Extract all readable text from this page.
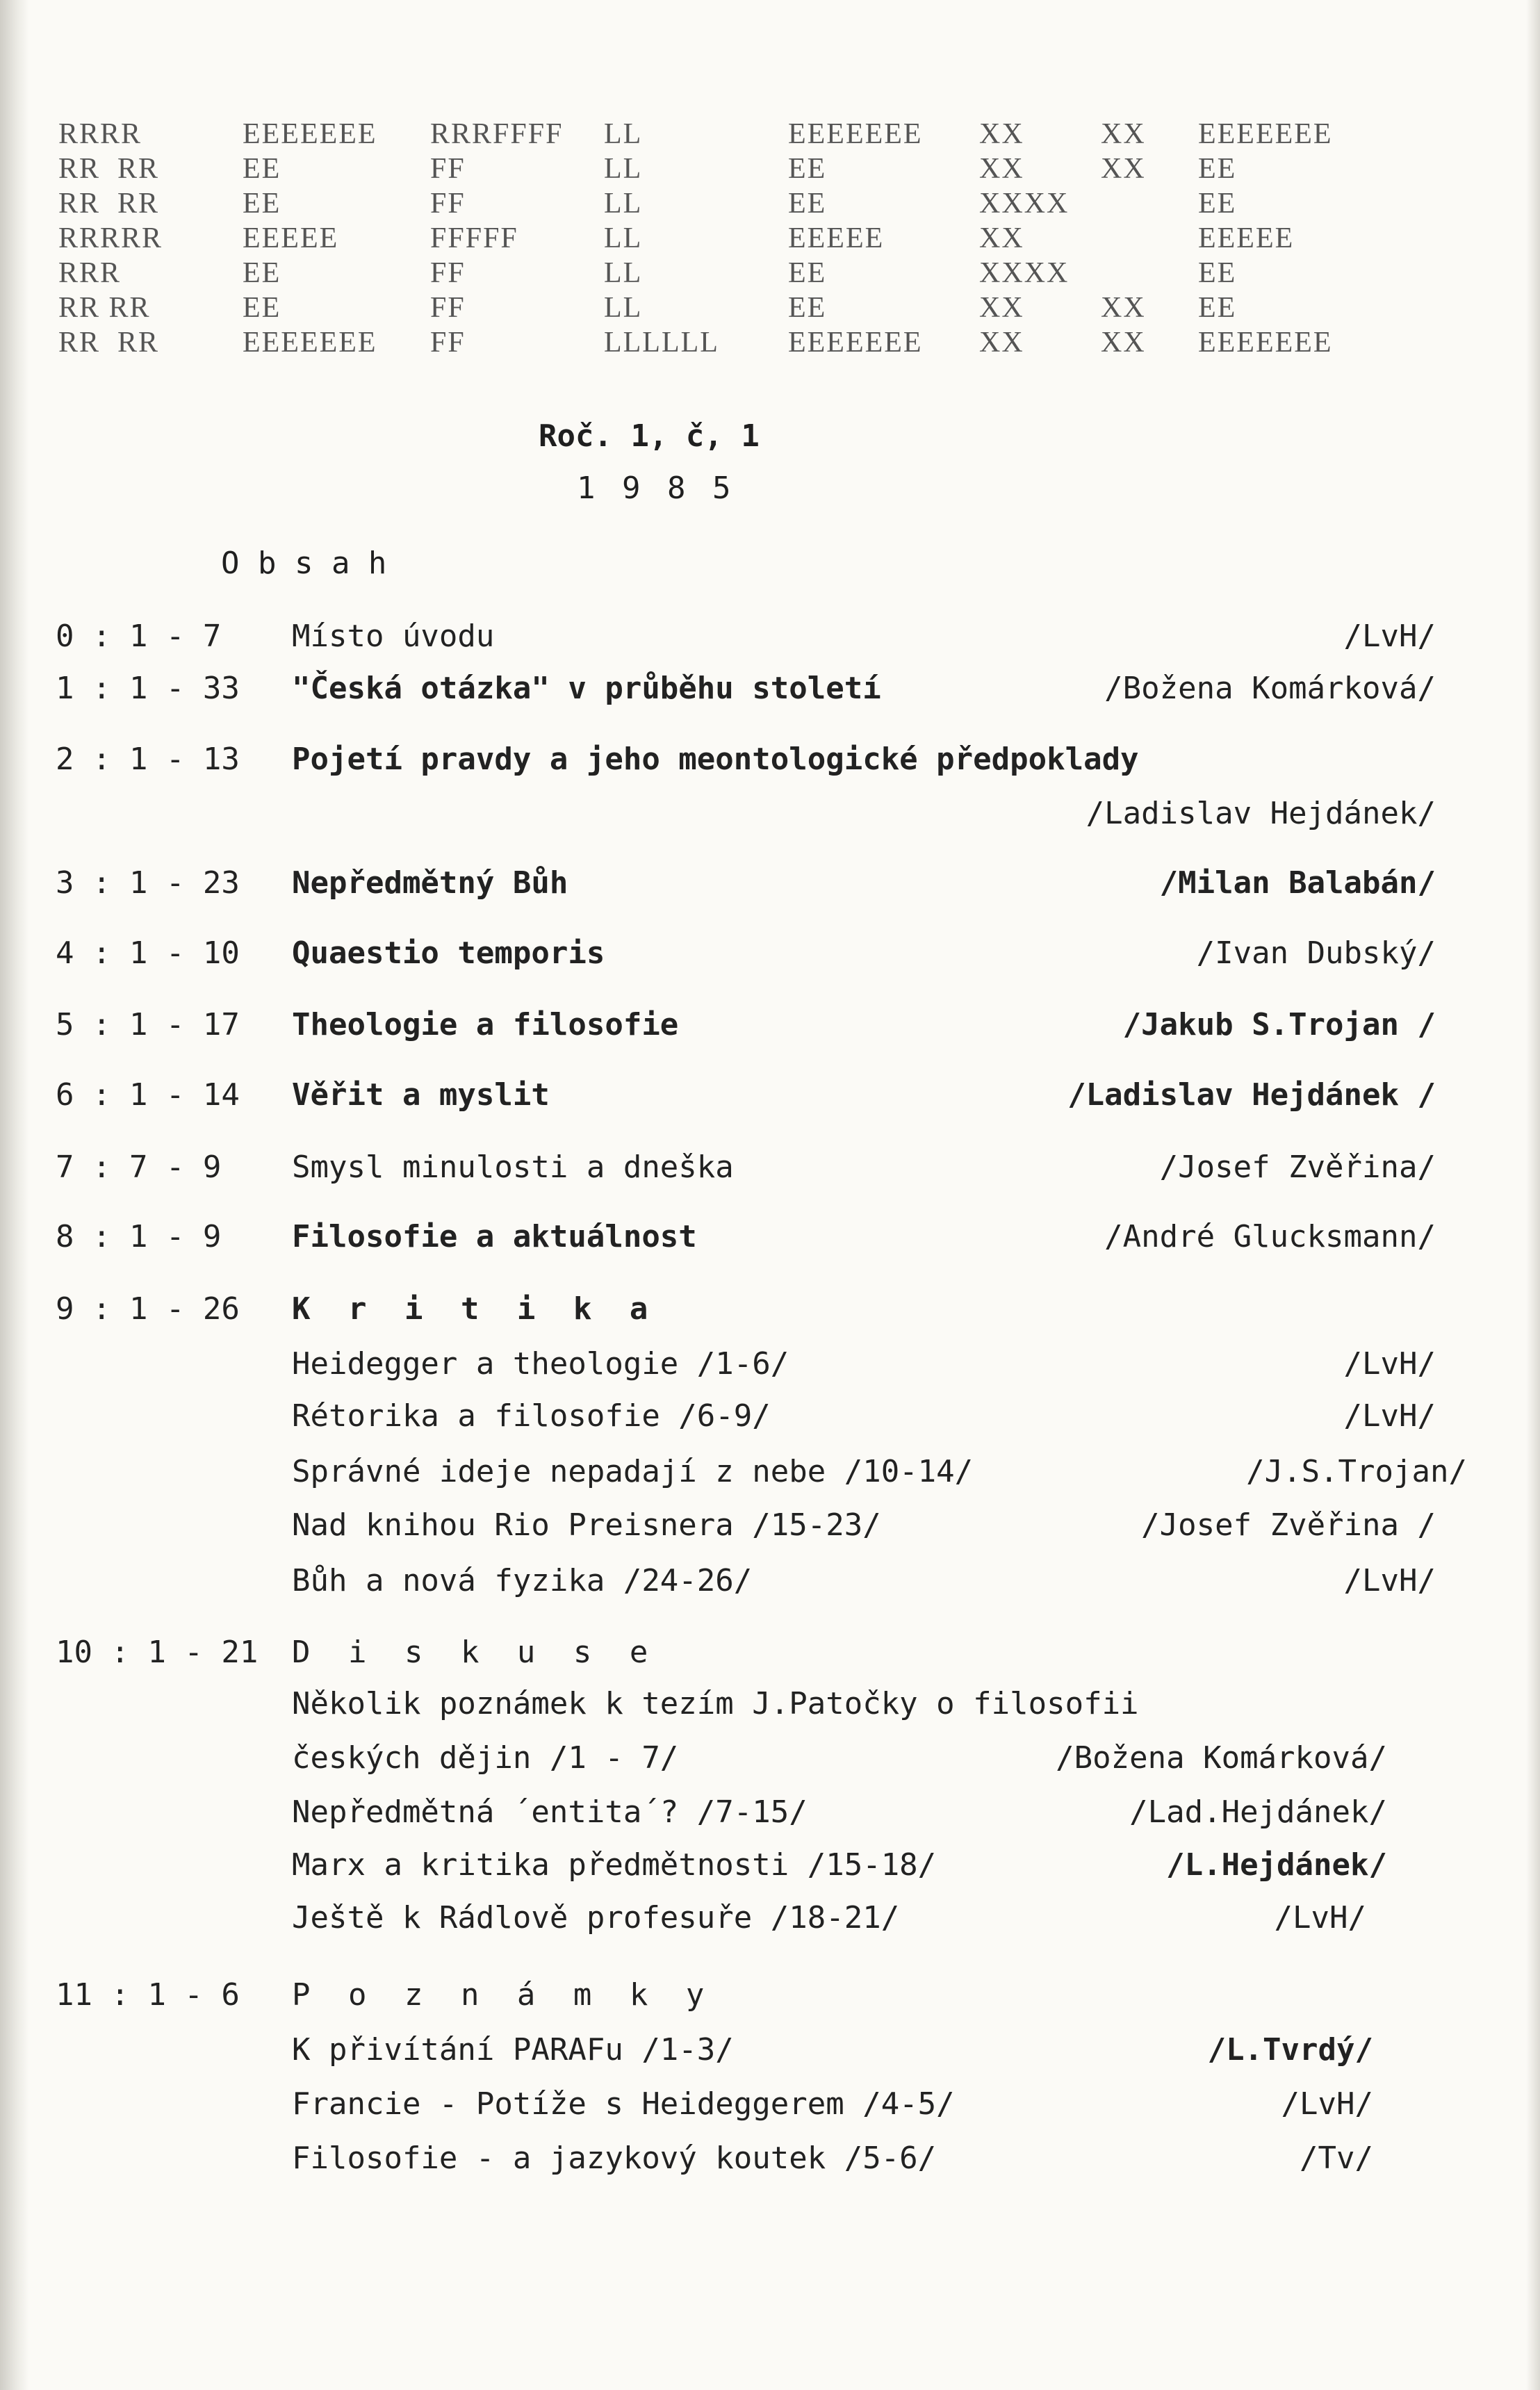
RRRR	EEEEEEE RRRFFFF LL	EEEEEEE XX	XX EEEEEEE
RR  RR	EE	FF	LL	EE	XX	XX EE
RR  RR	EE	FF	LL	EE	XXXX	EE
RRRRR	EEEEE	FFFFF	LL	EEEEE	XX	EEEEE
RRR	EE	FF	LL	EE	XXXX	EE
RR RR	EE	FF	LL	EE	XX	XX EE
RR  RR	EEEEEEE FF	LLLLLL EEEEEEE XX	XX EEEEEEE
Roč. 1, č, 1
1 9 8 5
O b s a h
0 : 1 - 7	Místo úvodu	/LvH/
1 : 1 - 33	"Česká otázka" v průběhu století	/Božena Komárková/
2 : 1 - 13	Pojetí pravdy a jeho meontologické předpoklady
/Ladislav Hejdánek/
3 : 1 - 23	Nepředmětný Bůh	/Milan Balabán/
4 : 1 - 10	Quaestio temporis	/Ivan Dubský/
5 : 1 - 17	Theologie a filosofie	/Jakub S.Trojan /
6 : 1 - 14	Věřit a myslit	/Ladislav Hejdánek /
7 : 7 - 9	Smysl minulosti a dneška	/Josef Zvěřina/
8 : 1 - 9	Filosofie a aktuálnost	/André Glucksmann/
9 : 1 - 26	K r i t i k a
Heidegger a theologie /1-6/	/LvH/
Rétorika a filosofie /6-9/	/LvH/
Správné ideje nepadají z nebe /10-14/	/J.S.Trojan/
Nad knihou Rio Preisnera /15-23/	/Josef Zvěřina /
Bůh a nová fyzika /24-26/	/LvH/
10 : 1 - 21	D i s k u s e
Několik poznámek k tezím J.Patočky o filosofii
českých dějin /1 - 7/	/Božena Komárková/
Nepředmětná ´entita´? /7-15/	/Lad.Hejdánek/
Marx a kritika předmětnosti /15-18/	/L.Hejdánek/
Ještě k Rádlově profesuře /18-21/	/LvH/
11 : 1 - 6	P o z n á m k y
K přivítání PARAFu /1-3/	/L.Tvrdý/
Francie - Potíže s Heideggerem /4-5/	/LvH/
Filosofie - a jazykový koutek /5-6/	/Tv/
